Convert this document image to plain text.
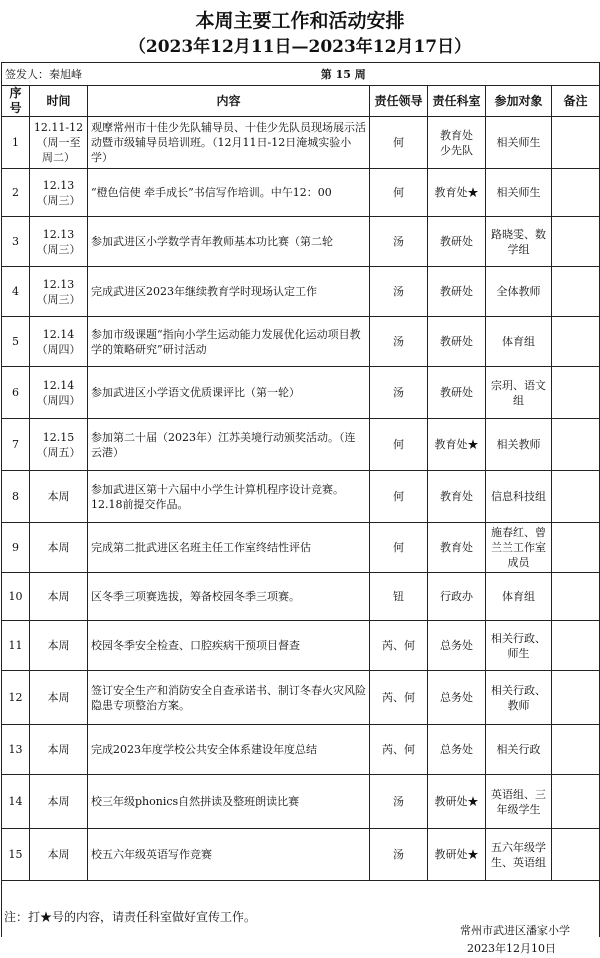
本周主要工作和活动安排
（2023年12月11日—2023年12月17日）
签发人：秦旭峰		第 15 周				
序号	时间	内容	责任领导	责任科室	参加对象	备注
1	12.11-12
（周一至周二）	观摩常州市十佳少先队辅导员、十佳少先队员现场展示活动暨市级辅导员培训班。（12月11日-12日淹城实验小学）	何	教育处
少先队	相关师生	
2	12.13
（周三）	“橙色信使 牵手成长”书信写作培训。中午12：00	何	教育处★	相关师生	
3	12.13
（周三）	参加武进区小学数学青年教师基本功比赛（第二轮	汤	教研处	路晓雯、数学组	
4	12.13
（周三）	完成武进区2023年继续教育学时现场认定工作	汤	教研处	全体教师	
5	12.14
（周四）	参加市级课题“指向小学生运动能力发展优化运动项目教学的策略研究”研讨活动	汤	教研处	体育组	
6	12.14
（周四）	参加武进区小学语文优质课评比（第一轮）	汤	教研处	宗玥、语文组	
7	12.15
（周五）	参加第二十届（2023年）江苏美境行动颁奖活动。（连云港）	何	教育处★	相关教师	
8	本周	参加武进区第十六届中小学生计算机程序设计竞赛。12.18前提交作品。	何	教育处	信息科技组	
9	本周	完成第二批武进区名班主任工作室终结性评估	何	教育处	施春红、曾兰兰工作室成员	
10	本周	区冬季三项赛选拔，筹备校园冬季三项赛。	钮	行政办	体育组	
11	本周	校园冬季安全检查、口腔疾病干预项目督查	芮、何	总务处	相关行政、师生	
12	本周	签订安全生产和消防安全自查承诺书、制订冬春火灾风险隐患专项整治方案。	芮、何	总务处	相关行政、教师	
13	本周	完成2023年度学校公共安全体系建设年度总结	芮、何	总务处	相关行政	
14	本周	校三年级phonics自然拼读及整班朗读比赛	汤	教研处★	英语组、三年级学生	
15	本周	校五六年级英语写作竞赛	汤	教研处★	五六年级学生、英语组	

注：打★号的内容，请责任科室做好宣传工作。
常州市武进区潘家小学
2023年12月10日
